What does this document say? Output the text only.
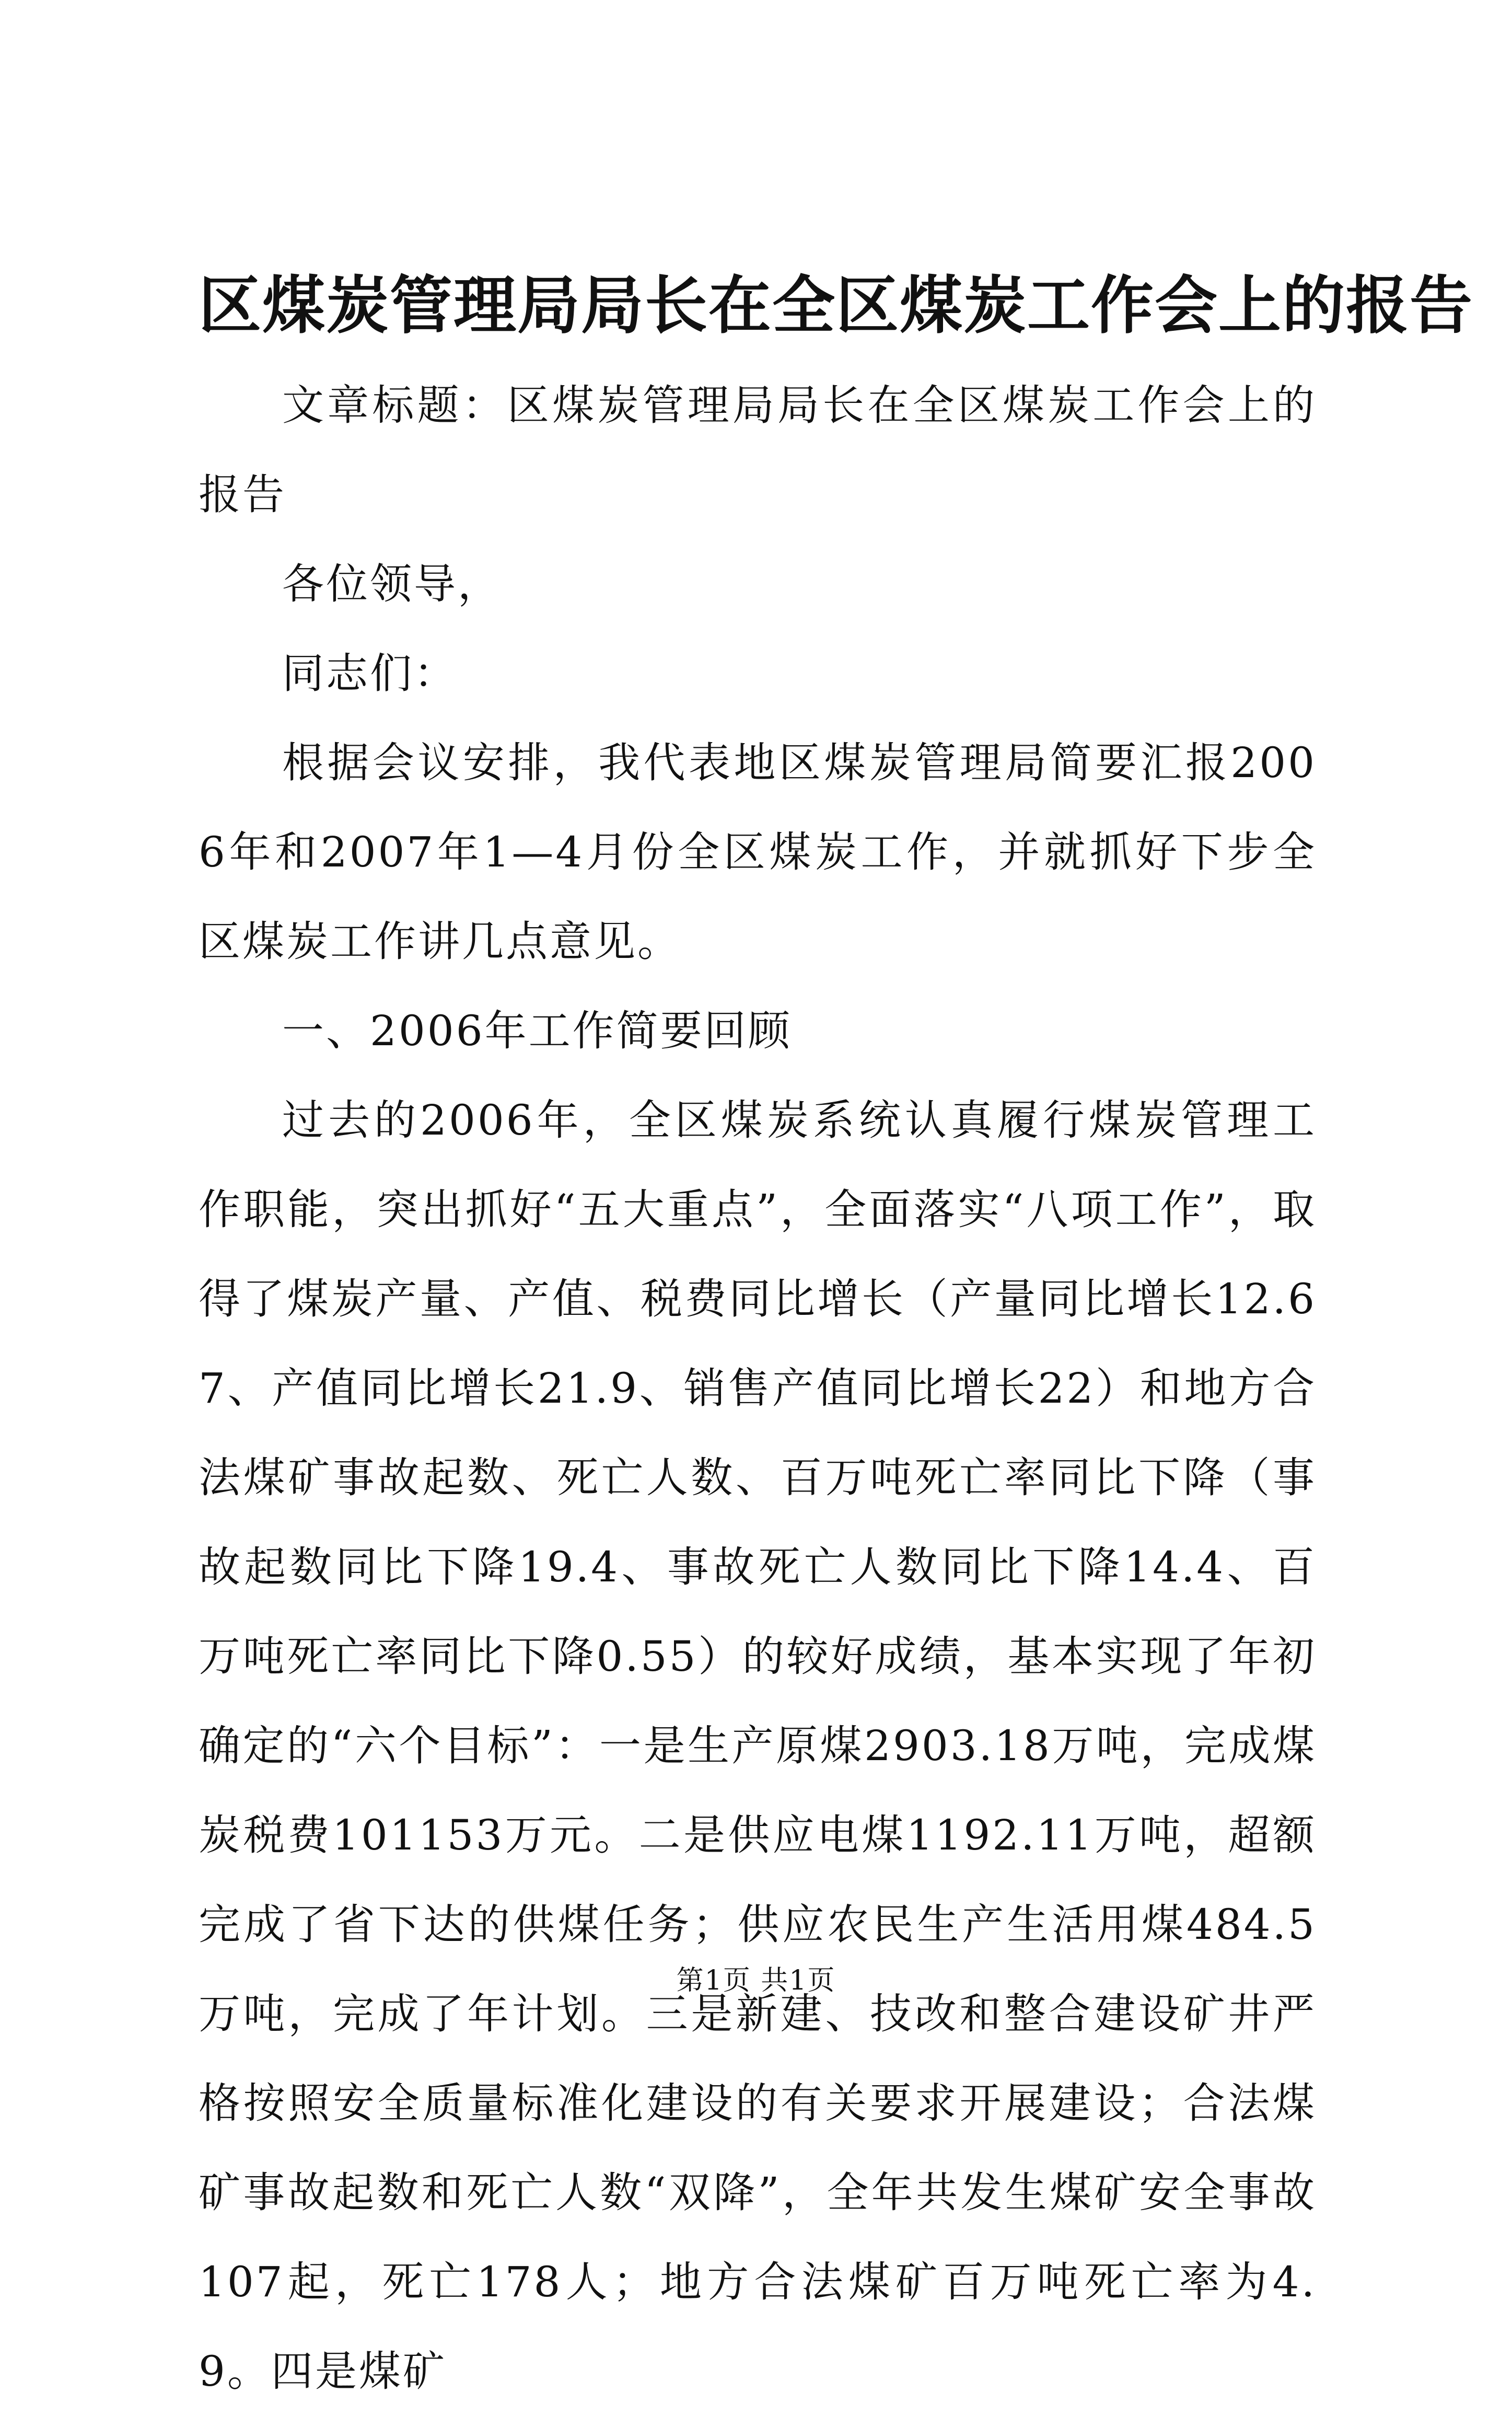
区煤炭管理局局长在全区煤炭工作会上的报告

文章标题：区煤炭管理局局长在全区煤炭工作会上的报告

各位领导，

同志们：

根据会议安排，我代表地区煤炭管理局简要汇报2006年和2007年1—4月份全区煤炭工作，并就抓好下步全区煤炭工作讲几点意见。

一、2006年工作简要回顾

过去的2006年，全区煤炭系统认真履行煤炭管理工作职能，突出抓好“五大重点”，全面落实“八项工作”，取得了煤炭产量、产值、税费同比增长（产量同比增长12.67、产值同比增长21.9、销售产值同比增长22）和地方合法煤矿事故起数、死亡人数、百万吨死亡率同比下降（事故起数同比下降19.4、事故死亡人数同比下降14.4、百万吨死亡率同比下降0.55）的较好成绩，基本实现了年初确定的“六个目标”：一是生产原煤2903.18万吨，完成煤炭税费101153万元。二是供应电煤1192.11万吨，超额完成了省下达的供煤任务；供应农民生产生活用煤484.5万吨，完成了年计划。三是新建、技改和整合建设矿井严格按照安全质量标准化建设的有关要求开展建设；合法煤矿事故起数和死亡人数“双降”，全年共发生煤矿安全事故107起，死亡178人；地方合法煤矿百万吨死亡率为4.9。四是煤矿

第1页 共1页
